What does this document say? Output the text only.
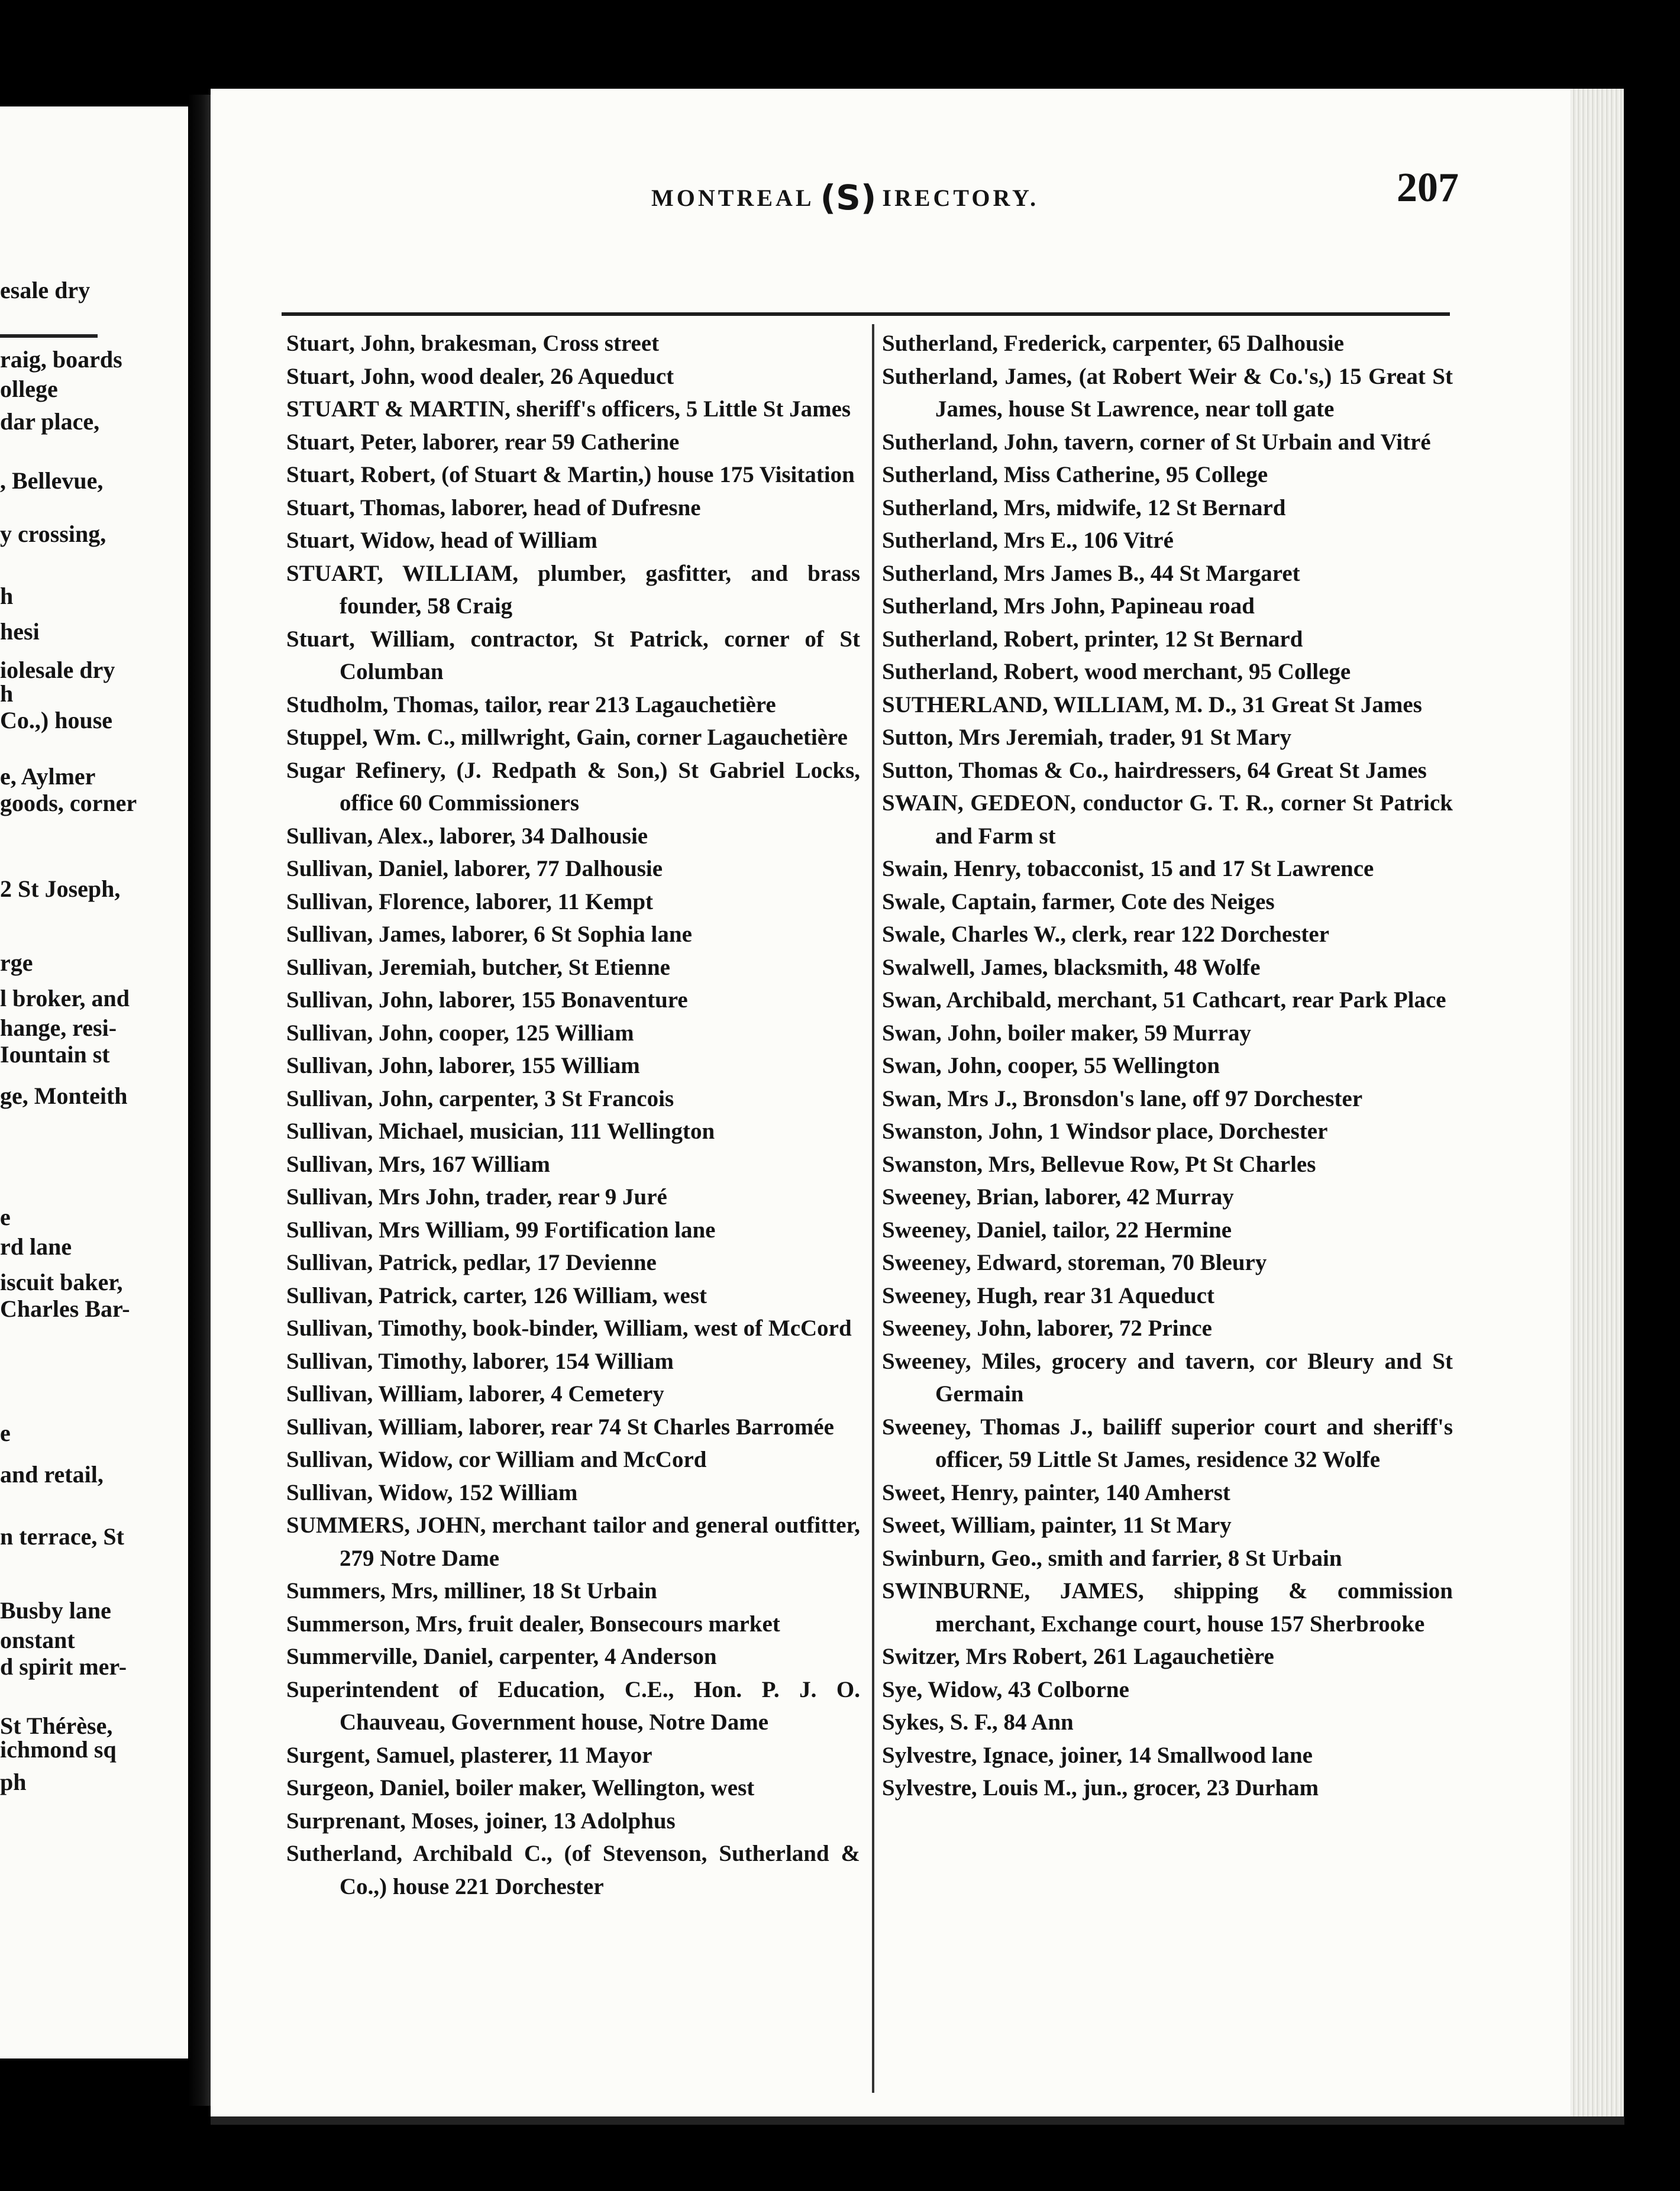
esale dry
raig, boards
ollege
dar place,
, Bellevue,
y crossing,
h
hesi
iolesale dry
h
Co.,) house
e, Aylmer
goods, corner
2 St Joseph,
rge
l broker, and
hange, resi-
Iountain st
ge, Monteith
e
rd lane
iscuit baker,
Charles Bar-
e
and retail,
n terrace, St
Busby lane
onstant
d spirit mer-
St Thérèse,
ichmond sq
ph
MONTREAL (S) IRECTORY.	207

Stuart, John, brakesman, Cross street

Stuart, John, wood dealer, 26 Aqueduct

STUART & MARTIN, sheriff's officers, 5 Little St James

Stuart, Peter, laborer, rear 59 Catherine

Stuart, Robert, (of Stuart & Martin,) house 175 Visitation

Stuart, Thomas, laborer, head of Dufresne

Stuart, Widow, head of William

STUART, WILLIAM, plumber, gasfitter, and brass founder, 58 Craig

Stuart, William, contractor, St Patrick, corner of St Columban

Studholm, Thomas, tailor, rear 213 Lagauchetière

Stuppel, Wm. C., millwright, Gain, corner Lagauchetière

Sugar Refinery, (J. Redpath & Son,) St Gabriel Locks, office 60 Commissioners

Sullivan, Alex., laborer, 34 Dalhousie

Sullivan, Daniel, laborer, 77 Dalhousie

Sullivan, Florence, laborer, 11 Kempt

Sullivan, James, laborer, 6 St Sophia lane

Sullivan, Jeremiah, butcher, St Etienne

Sullivan, John, laborer, 155 Bonaventure

Sullivan, John, cooper, 125 William

Sullivan, John, laborer, 155 William

Sullivan, John, carpenter, 3 St Francois

Sullivan, Michael, musician, 111 Wellington

Sullivan, Mrs, 167 William

Sullivan, Mrs John, trader, rear 9 Juré

Sullivan, Mrs William, 99 Fortification lane

Sullivan, Patrick, pedlar, 17 Devienne

Sullivan, Patrick, carter, 126 William, west

Sullivan, Timothy, book-binder, William, west of McCord

Sullivan, Timothy, laborer, 154 William

Sullivan, William, laborer, 4 Cemetery

Sullivan, William, laborer, rear 74 St Charles Barromée

Sullivan, Widow, cor William and McCord

Sullivan, Widow, 152 William

SUMMERS, JOHN, merchant tailor and general outfitter, 279 Notre Dame

Summers, Mrs, milliner, 18 St Urbain

Summerson, Mrs, fruit dealer, Bonsecours market

Summerville, Daniel, carpenter, 4 Anderson

Superintendent of Education, C.E., Hon. P. J. O. Chauveau, Government house, Notre Dame

Surgent, Samuel, plasterer, 11 Mayor

Surgeon, Daniel, boiler maker, Wellington, west

Surprenant, Moses, joiner, 13 Adolphus

Sutherland, Archibald C., (of Stevenson, Sutherland & Co.,) house 221 Dorchester

Sutherland, Frederick, carpenter, 65 Dalhousie

Sutherland, James, (at Robert Weir & Co.'s,) 15 Great St James, house St Lawrence, near toll gate

Sutherland, John, tavern, corner of St Urbain and Vitré

Sutherland, Miss Catherine, 95 College

Sutherland, Mrs, midwife, 12 St Bernard

Sutherland, Mrs E., 106 Vitré

Sutherland, Mrs James B., 44 St Margaret

Sutherland, Mrs John, Papineau road

Sutherland, Robert, printer, 12 St Bernard

Sutherland, Robert, wood merchant, 95 College

SUTHERLAND, WILLIAM, M. D., 31 Great St James

Sutton, Mrs Jeremiah, trader, 91 St Mary

Sutton, Thomas & Co., hairdressers, 64 Great St James

SWAIN, GEDEON, conductor G. T. R., corner St Patrick and Farm st

Swain, Henry, tobacconist, 15 and 17 St Lawrence

Swale, Captain, farmer, Cote des Neiges

Swale, Charles W., clerk, rear 122 Dorchester

Swalwell, James, blacksmith, 48 Wolfe

Swan, Archibald, merchant, 51 Cathcart, rear Park Place

Swan, John, boiler maker, 59 Murray

Swan, John, cooper, 55 Wellington

Swan, Mrs J., Bronsdon's lane, off 97 Dorchester

Swanston, John, 1 Windsor place, Dorchester

Swanston, Mrs, Bellevue Row, Pt St Charles

Sweeney, Brian, laborer, 42 Murray

Sweeney, Daniel, tailor, 22 Hermine

Sweeney, Edward, storeman, 70 Bleury

Sweeney, Hugh, rear 31 Aqueduct

Sweeney, John, laborer, 72 Prince

Sweeney, Miles, grocery and tavern, cor Bleury and St Germain

Sweeney, Thomas J., bailiff superior court and sheriff's officer, 59 Little St James, residence 32 Wolfe

Sweet, Henry, painter, 140 Amherst

Sweet, William, painter, 11 St Mary

Swinburn, Geo., smith and farrier, 8 St Urbain

SWINBURNE, JAMES, shipping & commission merchant, Exchange court, house 157 Sherbrooke

Switzer, Mrs Robert, 261 Lagauchetière

Sye, Widow, 43 Colborne

Sykes, S. F., 84 Ann

Sylvestre, Ignace, joiner, 14 Smallwood lane

Sylvestre, Louis M., jun., grocer, 23 Durham
